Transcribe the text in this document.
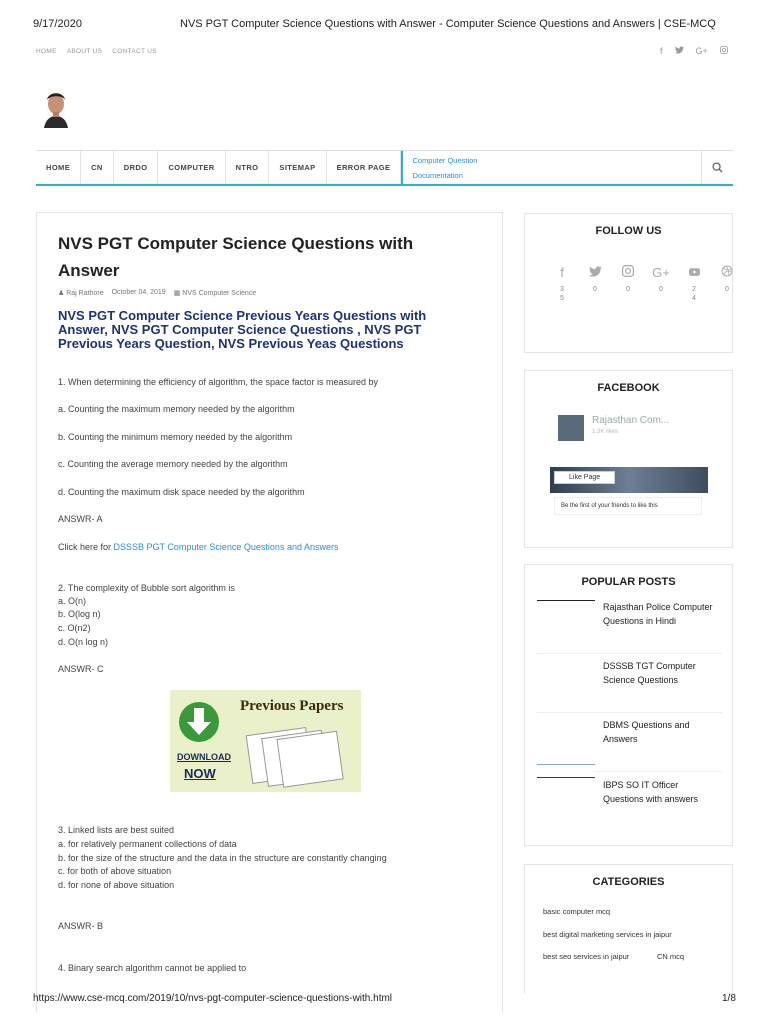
9/17/2020	NVS PGT Computer Science Questions with Answer - Computer Science Questions and Answers | CSE-MCQ
HOME ABOUT US CONTACT US	f	G+
HOME	CN	DRDO	COMPUTER	NTRO	SITEMAP	ERROR PAGE
Computer Question
Documentation
NVS PGT Computer Science Questions with Answer
♟ Raj Rathore October 04, 2019 ▦ NVS Computer Science
NVS PGT Computer Science Previous Years Questions with Answer, NVS PGT Computer Science Questions , NVS PGT Previous Years Question, NVS Previous Yeas Questions
1. When determining the efficiency of algorithm, the space factor is measured by
a. Counting the maximum memory needed by the algorithm
b. Counting the minimum memory needed by the algorithm
c. Counting the average memory needed by the algorithm
d. Counting the maximum disk space needed by the algorithm
ANSWR- A
Click here for DSSSB PGT Computer Science Questions and Answers
2. The complexity of Bubble sort algorithm is
a. O(n)
b. O(log n)
c. O(n2)
d. O(n log n)
ANSWR- C
Previous Papers
DOWNLOAD
NOW
3. Linked lists are best suited
a. for relatively permanent collections of data
b. for the size of the structure and the data in the structure are constantly changing
c. for both of above situation
d. for none of above situation
ANSWR- B
4. Binary search algorithm cannot be applied to
FOLLOW US
f
35
0	0
G+
0	24
0
FACEBOOK
Rajasthan Com...
1.3K likes
Like Page
Be the first of your friends to like this
POPULAR POSTS
Rajasthan Police Computer Questions in Hindi
DSSSB TGT Computer Science Questions
DBMS Questions and Answers
IBPS SO IT Officer Questions with answers
CATEGORIES
basic computer mcq
best digital marketing services in jaipur
best seo services in jaipur	CN mcq
https://www.cse-mcq.com/2019/10/nvs-pgt-computer-science-questions-with.html	1/8
